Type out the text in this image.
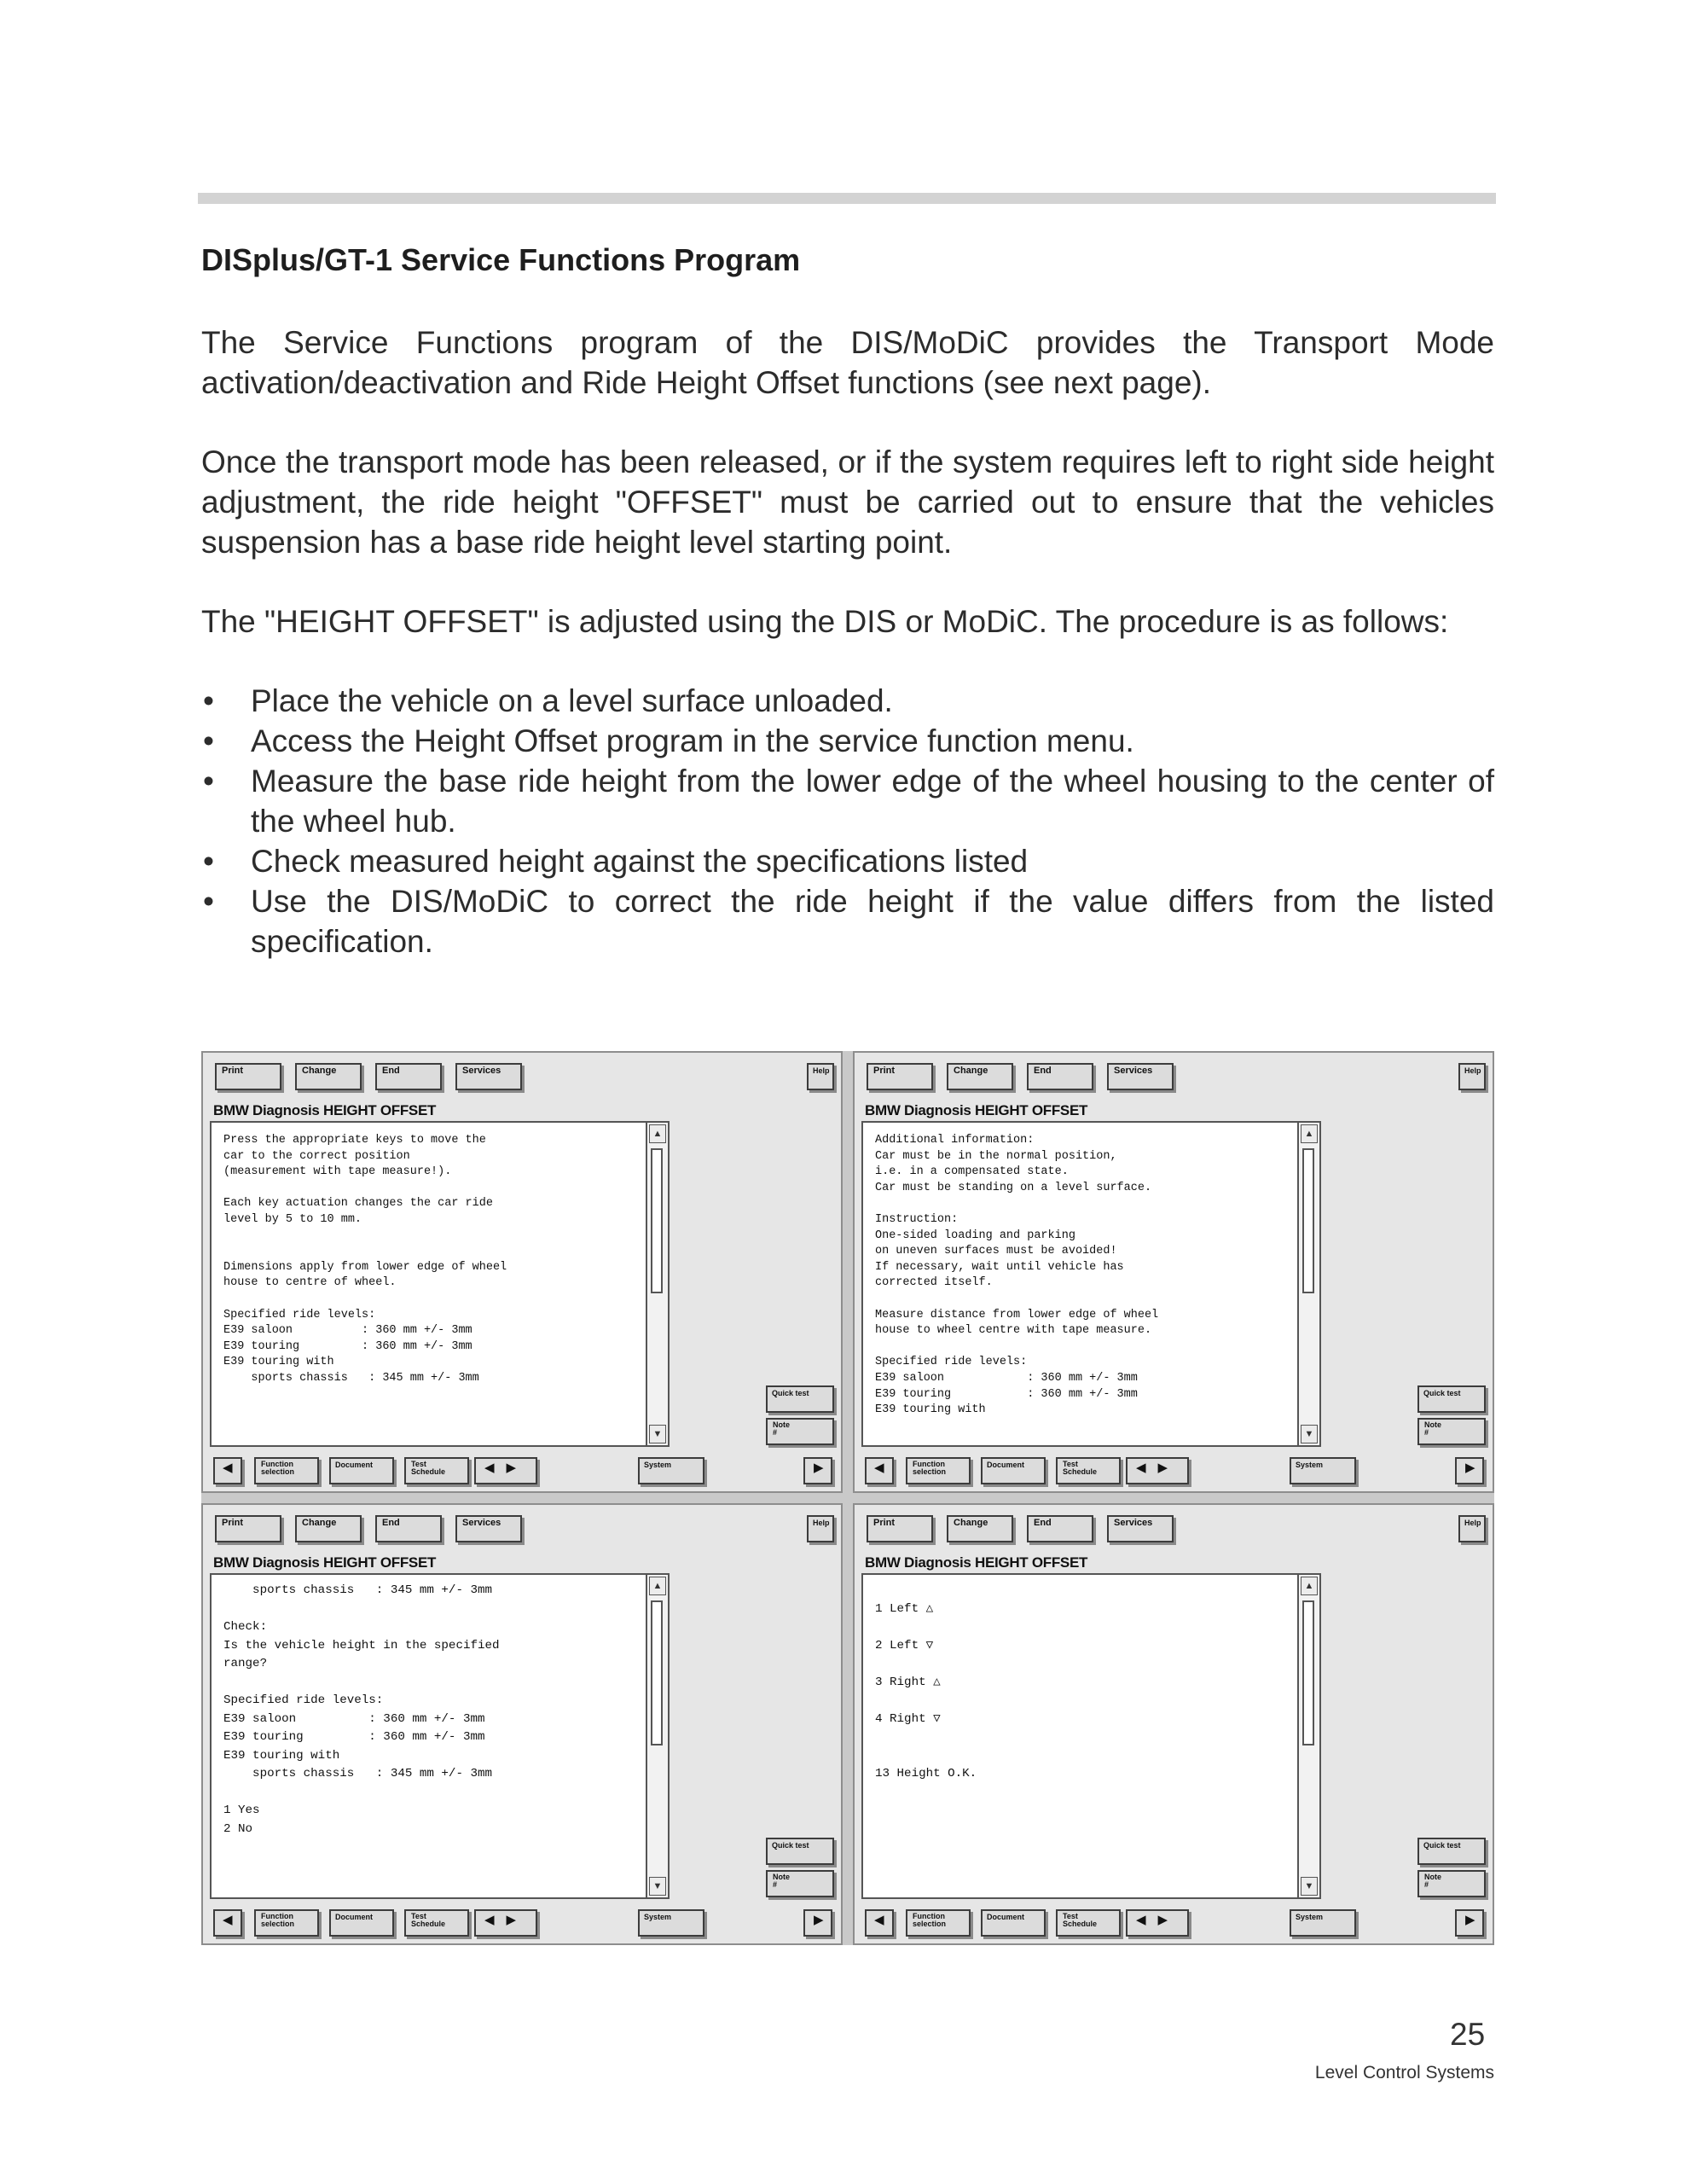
DISplus/GT-1 Service Functions Program

The Service Functions program of the DIS/MoDiC provides the Transport Mode activation/deactivation and Ride Height Offset functions (see next page).

Once the transport mode has been released, or if the system requires left to right side height adjustment, the ride height "OFFSET" must be carried out to ensure that the vehicles suspension has a base ride height level starting point.

The "HEIGHT OFFSET" is adjusted using the DIS or MoDiC. The procedure is as follows:

• Place the vehicle on a level surface unloaded.
• Access the Height Offset program in the service function menu.
• Measure the base ride height from the lower edge of the wheel housing to the center of the wheel hub.
• Check measured height against the specifications listed
• Use the DIS/MoDiC to correct the ride height if the value differs from the listed specification.
Print	Change	End	Services	Help
BMW Diagnosis HEIGHT OFFSET
Press the appropriate keys to move the
car to the correct position
(measurement with tape measure!).

Each key actuation changes the car ride
level by 5 to 10 mm.

Dimensions apply from lower edge of wheel
house to centre of wheel.

Specified ride levels:
E39 saloon          : 360 mm +/- 3mm
E39 touring         : 360 mm +/- 3mm
E39 touring with
sports chassis   : 345 mm +/- 3mm
▲
▼
Quick test
Note
#
◀	Function
selection
Document	Test
Schedule	◀▶	System	▶
Print	Change	End	Services	Help
BMW Diagnosis HEIGHT OFFSET
Additional information:
Car must be in the normal position,
i.e. in a compensated state.
Car must be standing on a level surface.

Instruction:
One-sided loading and parking
on uneven surfaces must be avoided!
If necessary, wait until vehicle has
corrected itself.

Measure distance from lower edge of wheel
house to wheel centre with tape measure.

Specified ride levels:
E39 saloon            : 360 mm +/- 3mm
E39 touring           : 360 mm +/- 3mm
E39 touring with
▲
▼
Quick test
Note
#
◀	Function
selection
Document	Test
Schedule	◀▶	System	▶
Print	Change	End	Services	Help
BMW Diagnosis HEIGHT OFFSET
sports chassis   : 345 mm +/- 3mm

Check:
Is the vehicle height in the specified
range?

Specified ride levels:
E39 saloon          : 360 mm +/- 3mm
E39 touring         : 360 mm +/- 3mm
E39 touring with
sports chassis   : 345 mm +/- 3mm

1 Yes
2 No
▲
▼
Quick test
Note
#
◀	Function
selection
Document	Test
Schedule	◀▶	System	▶
Print	Change	End	Services	Help
BMW Diagnosis HEIGHT OFFSET

1 Left △

2 Left ▽

3 Right △

4 Right ▽

13 Height O.K.
▲
▼
Quick test
Note
#
◀	Function
selection
Document	Test
Schedule	◀▶	System	▶
25
Level Control Systems
